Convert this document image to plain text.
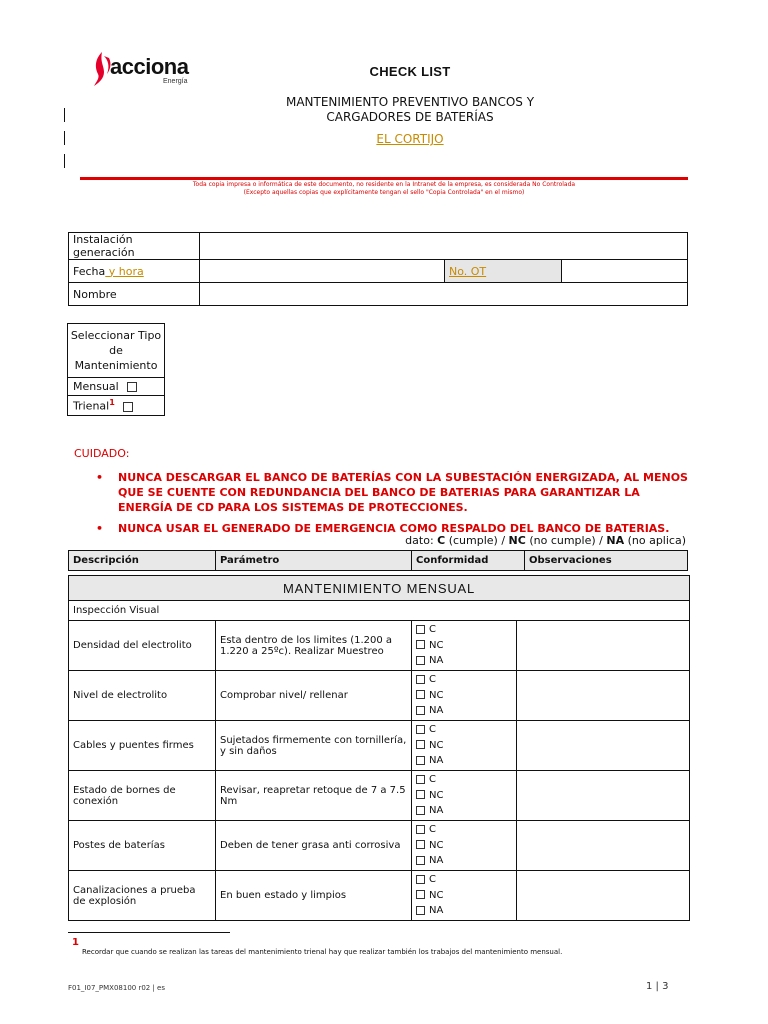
acciona
Energía
CHECK LIST
MANTENIMIENTO PREVENTIVO BANCOS Y
CARGADORES DE BATERÍAS
EL CORTIJO
Toda copia impresa o informática de este documento, no residente en la Intranet de la empresa, es considerada No Controlada
(Excepto aquellas copias que explícitamente tengan el sello "Copia Controlada" en el mismo)
Instalación generación			
Fecha y hora		No. OT	
Nombre			
Seleccionar Tipo de Mantenimiento
Mensual
Trienal$^1$
CUIDADO:
• NUNCA DESCARGAR EL BANCO DE BATERÍAS CON LA SUBESTACIÓN ENERGIZADA, AL MENOS QUE SE CUENTE CON REDUNDANCIA DEL BANCO DE BATERIAS PARA GARANTIZAR LA ENERGÍA DE CD PARA LOS SISTEMAS DE PROTECCIONES.
• NUNCA USAR EL GENERADO DE EMERGENCIA COMO RESPALDO DEL BANCO DE BATERIAS.
dato: C (cumple) / NC (no cumple) / NA (no aplica)
Descripción	Parámetro	Conformidad	Observaciones
MANTENIMIENTO MENSUAL			
Inspección Visual			
Densidad del electrolito	Esta dentro de los limites (1.200 a 1.220 a 25ºc). Realizar Muestreo	C
NC
NA	

Nivel de electrolito	Comprobar nivel/ rellenar	C
NC
NA	

Cables y puentes firmes	Sujetados firmemente con tornillería, y sin daños	C
NC
NA	

Estado de bornes de conexión	Revisar, reapretar retoque de 7 a 7.5 Nm	C
NC
NA	

Postes de baterías	Deben de tener grasa anti corrosiva	C
NC
NA	

Canalizaciones a prueba de explosión	En buen estado y limpios	C
NC
NA	

1
Recordar que cuando se realizan las tareas del mantenimiento trienal hay que realizar también los trabajos del mantenimiento mensual.
F01_I07_PMX08100 r02 | es	1 | 3
